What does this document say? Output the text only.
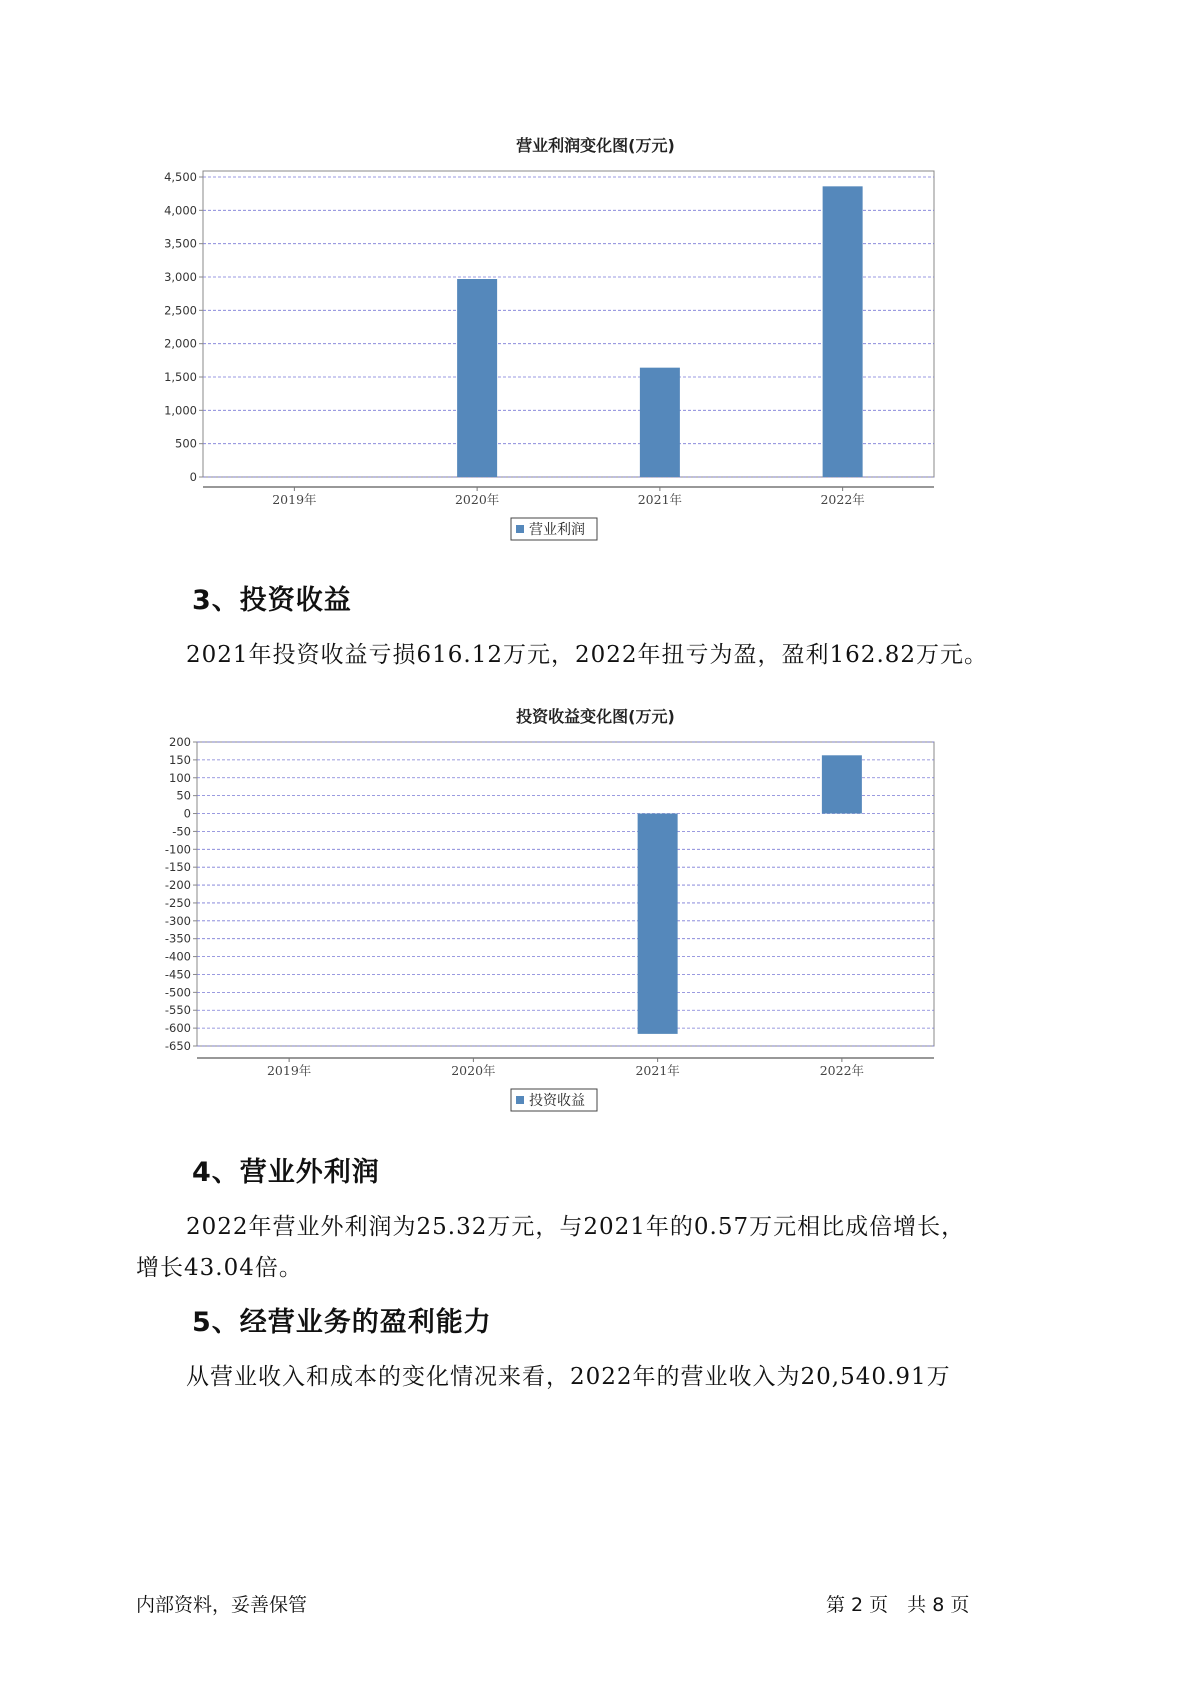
营业利润变化图(万元)
0
500
1,000
1,500
2,000
2,500
3,000
3,500
4,000
4,500
2019年	2020年	2021年	2022年
营业利润
3、投资收益

2021年投资收益亏损616.12万元，2022年扭亏为盈，盈利162.82万元。

投资收益变化图(万元)
200
150
100
50
0
-50
-100
-150
-200
-250
-300
-350
-400
-450
-500
-550
-600
-650
2019年	2020年	2021年	2022年
投资收益
4、营业外利润

2022年营业外利润为25.32万元，与2021年的0.57万元相比成倍增长，

增长43.04倍。

5、经营业务的盈利能力

从营业收入和成本的变化情况来看，2022年的营业收入为20,540.91万

内部资料，妥善保管	第 2 页　共 8 页
